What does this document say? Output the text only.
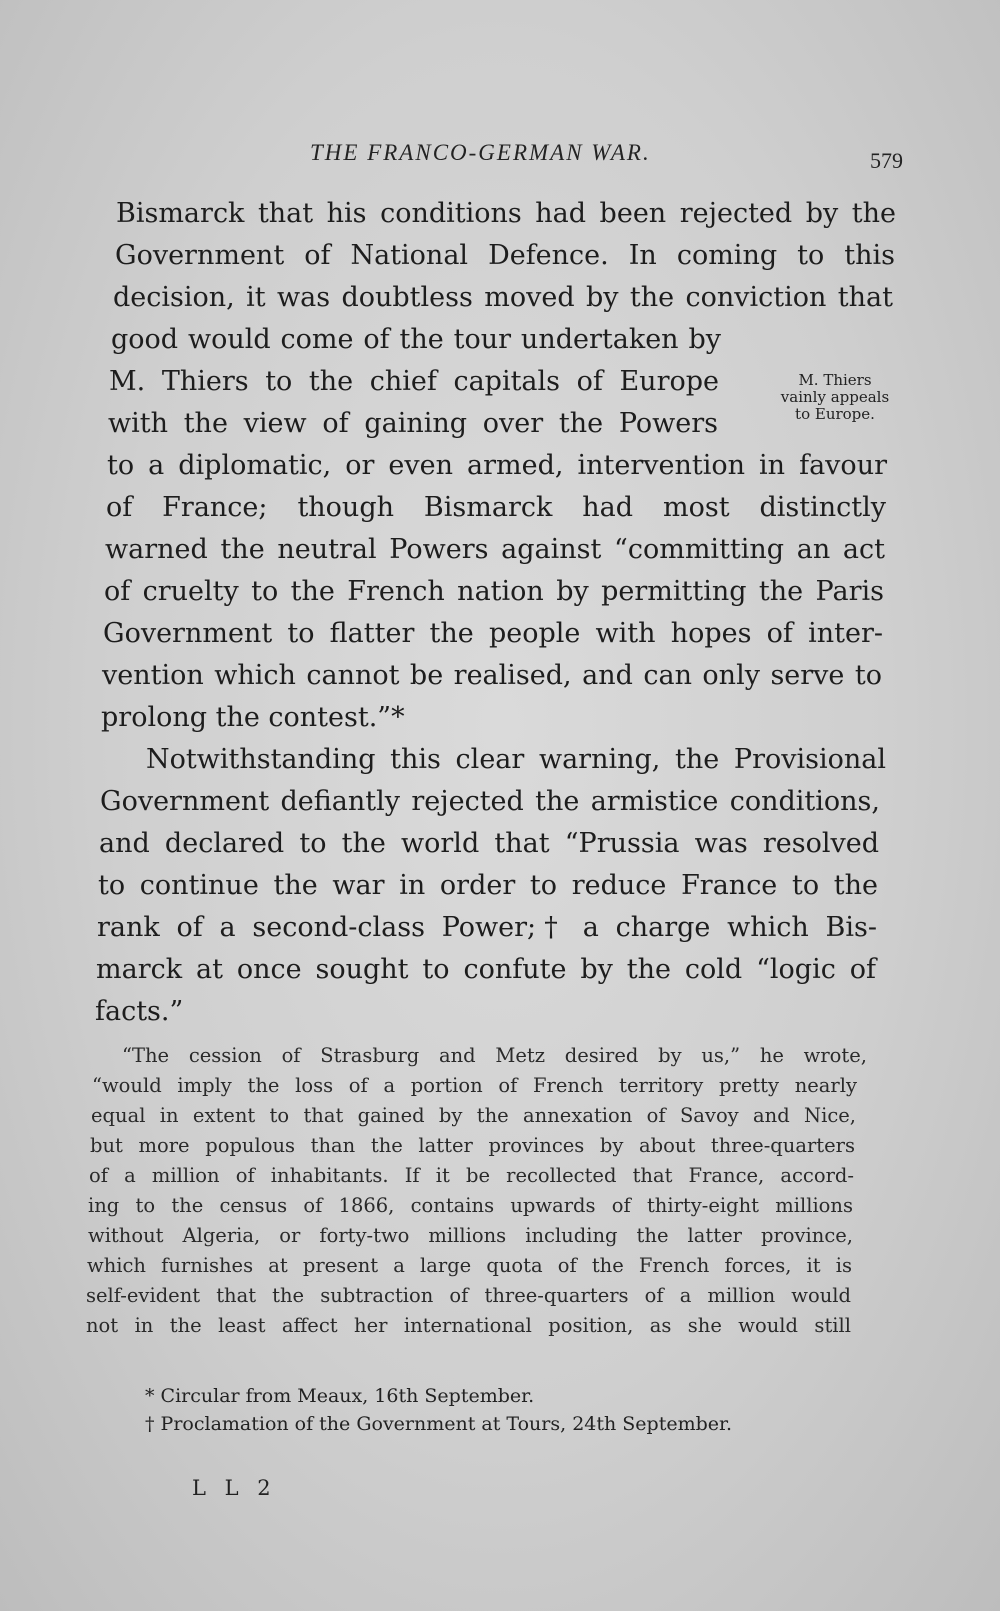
THE FRANCO-GERMAN WAR.	579
Bismarck that his conditions had been rejected by the
Government of National Defence. In coming to this
decision, it was doubtless moved by the conviction that
good would come of the tour undertaken by
M. Thiers to the chief capitals of Europe
with the view of gaining over the Powers
to a diplomatic, or even armed, intervention in favour
of France; though Bismarck had most distinctly
warned the neutral Powers against “committing an act
of cruelty to the French nation by permitting the Paris
Government to flatter the people with hopes of inter-
vention which cannot be realised, and can only serve to
prolong the contest.”*
Notwithstanding this clear warning, the Provisional
Government defiantly rejected the armistice conditions,
and declared to the world that “Prussia was resolved
to continue the war in order to reduce France to the
rank of a second-class Power;† a charge which Bis-
marck at once sought to confute by the cold “logic of
facts.”
M. Thiers
vainly appeals
to Europe.
“The cession of Strasburg and Metz desired by us,” he wrote,
“would imply the loss of a portion of French territory pretty nearly
equal in extent to that gained by the annexation of Savoy and Nice,
but more populous than the latter provinces by about three-quarters
of a million of inhabitants. If it be recollected that France, accord-
ing to the census of 1866, contains upwards of thirty-eight millions
without Algeria, or forty-two millions including the latter province,
which furnishes at present a large quota of the French forces, it is
self-evident that the subtraction of three-quarters of a million would
not in the least affect her international position, as she would still
* Circular from Meaux, 16th September.
† Proclamation of the Government at Tours, 24th September.
L L 2
